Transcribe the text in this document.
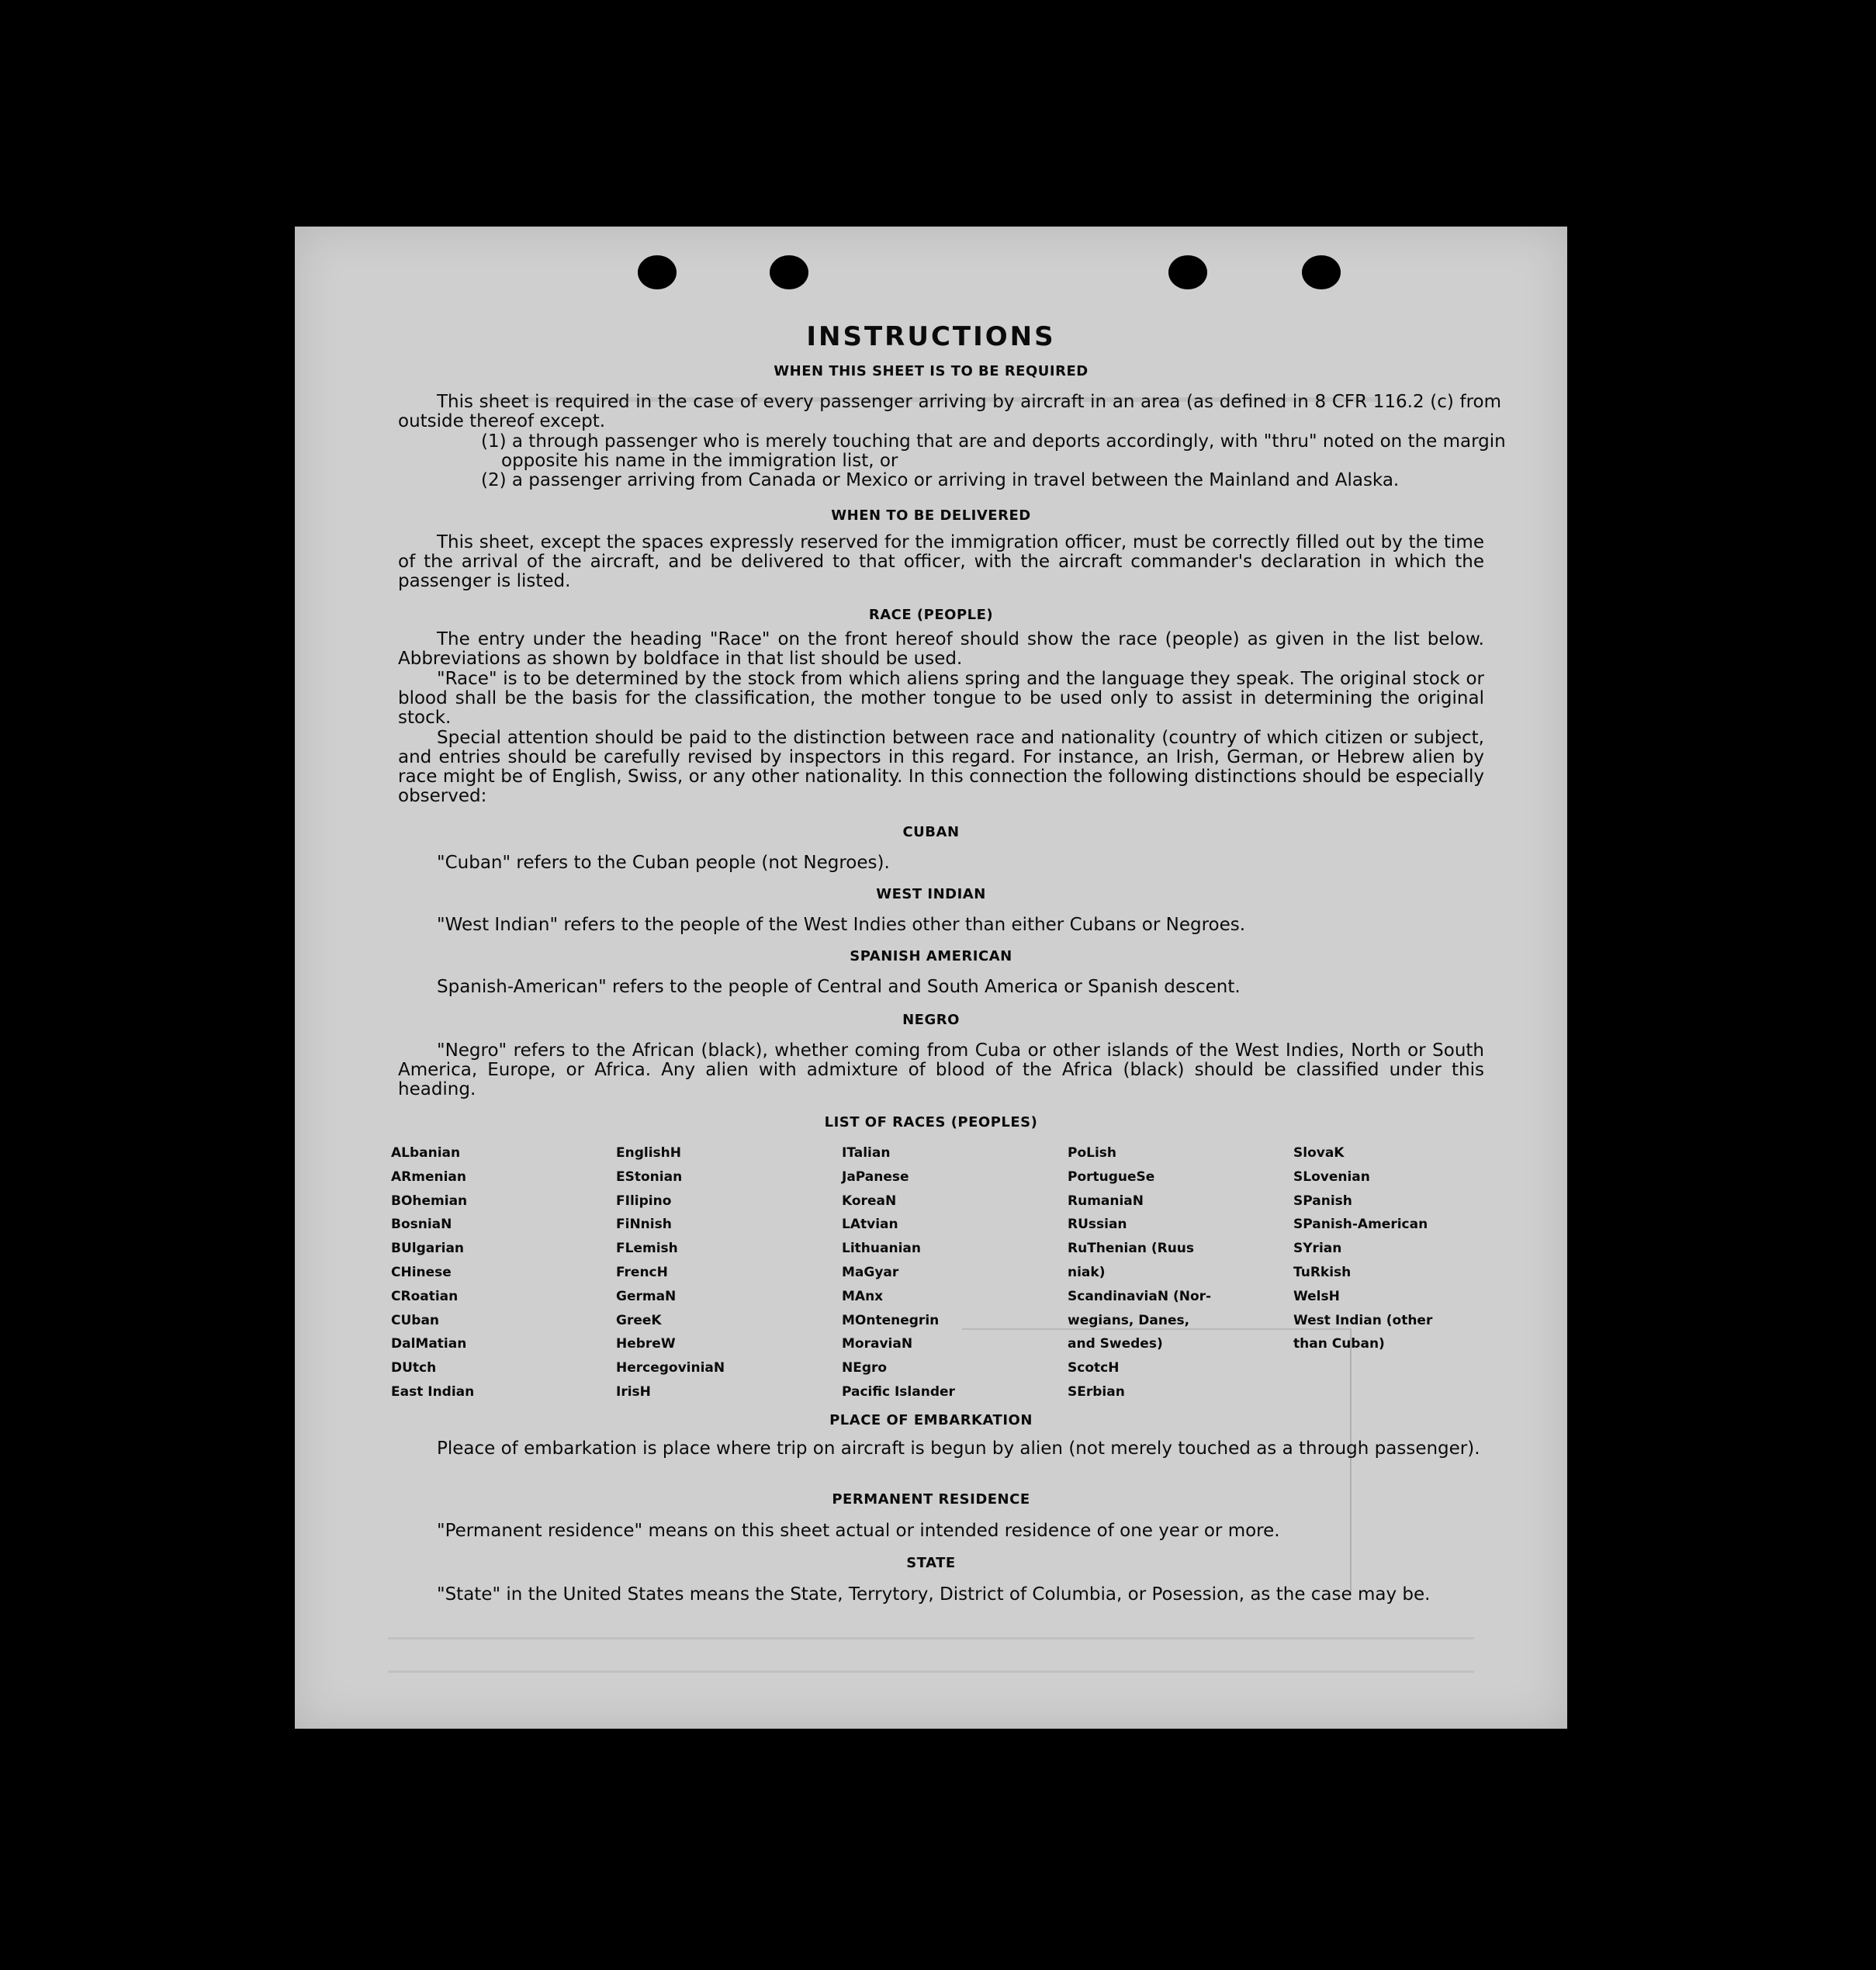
INSTRUCTIONS
WHEN THIS SHEET IS TO BE REQUIRED
This sheet is required in the case of every passenger arriving by aircraft in an area (as defined in 8 CFR 116.2 (c) from outside thereof except.
(1) a through passenger who is merely touching that are and deports accordingly, with "thru" noted on the margin opposite his name in the immigration list, or
(2) a passenger arriving from Canada or Mexico or arriving in travel between the Mainland and Alaska.
WHEN TO BE DELIVERED
This sheet, except the spaces expressly reserved for the immigration officer, must be correctly filled out by the time of the arrival of the aircraft, and be delivered to that officer, with the aircraft commander's declaration in which the passenger is listed.
RACE (PEOPLE)
The entry under the heading "Race" on the front hereof should show the race (people) as given in the list below. Abbreviations as shown by boldface in that list should be used.
"Race" is to be determined by the stock from which aliens spring and the language they speak. The original stock or blood shall be the basis for the classification, the mother tongue to be used only to assist in determining the original stock.
Special attention should be paid to the distinction between race and nationality (country of which citizen or subject, and entries should be carefully revised by inspectors in this regard. For instance, an Irish, German, or Hebrew alien by race might be of English, Swiss, or any other nationality. In this connection the following distinctions should be especially observed:
CUBAN
"Cuban" refers to the Cuban people (not Negroes).
WEST INDIAN
"West Indian" refers to the people of the West Indies other than either Cubans or Negroes.
SPANISH AMERICAN
Spanish-American" refers to the people of Central and South America or Spanish descent.
NEGRO
"Negro" refers to the African (black), whether coming from Cuba or other islands of the West Indies, North or South America, Europe, or Africa. Any alien with admixture of blood of the Africa (black) should be classified under this heading.
LIST OF RACES (PEOPLES)
ALbanian
ARmenian
BOhemian
BosniaN
BUlgarian
CHinese
CRoatian
CUban
DalMatian
DUtch
East Indian
EnglishH
EStonian
FIlipino
FiNnish
FLemish
FrencH
GermaN
GreeK
HebreW
HercegoviniaN
IrisH
ITalian
JaPanese
KoreaN
LAtvian
Lithuanian
MaGyar
MAnx
MOntenegrin
MoraviaN
NEgro
Pacific Islander
PoLish
PortugueSe
RumaniaN
RUssian
RuThenian (Ruus
niak)
ScandinaviaN (Nor-
wegians, Danes,
and Swedes)
ScotcH
SErbian
SlovaK
SLovenian
SPanish
SPanish-American
SYrian
TuRkish
WelsH
West Indian (other
than Cuban)
PLACE OF EMBARKATION
Pleace of embarkation is place where trip on aircraft is begun by alien (not merely touched as a through passenger).
PERMANENT RESIDENCE
"Permanent residence" means on this sheet actual or intended residence of one year or more.
STATE
"State" in the United States means the State, Terrytory, District of Columbia, or Posession, as the case may be.
